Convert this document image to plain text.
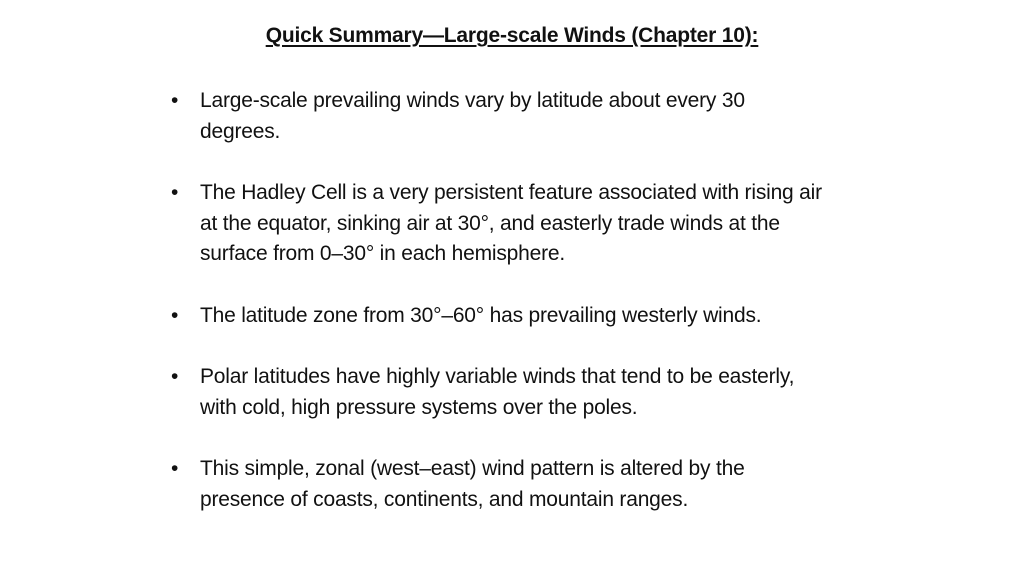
Quick Summary—Large-scale Winds (Chapter 10):
• Large-scale prevailing winds vary by latitude about every 30 degrees.
• The Hadley Cell is a very persistent feature associated with rising air at the equator, sinking air at 30°, and easterly trade winds at the surface from 0–30° in each hemisphere.
• The latitude zone from 30°–60° has prevailing westerly winds.
• Polar latitudes have highly variable winds that tend to be easterly, with cold, high pressure systems over the poles.
• This simple, zonal (west–east) wind pattern is altered by the presence of coasts, continents, and mountain ranges.
